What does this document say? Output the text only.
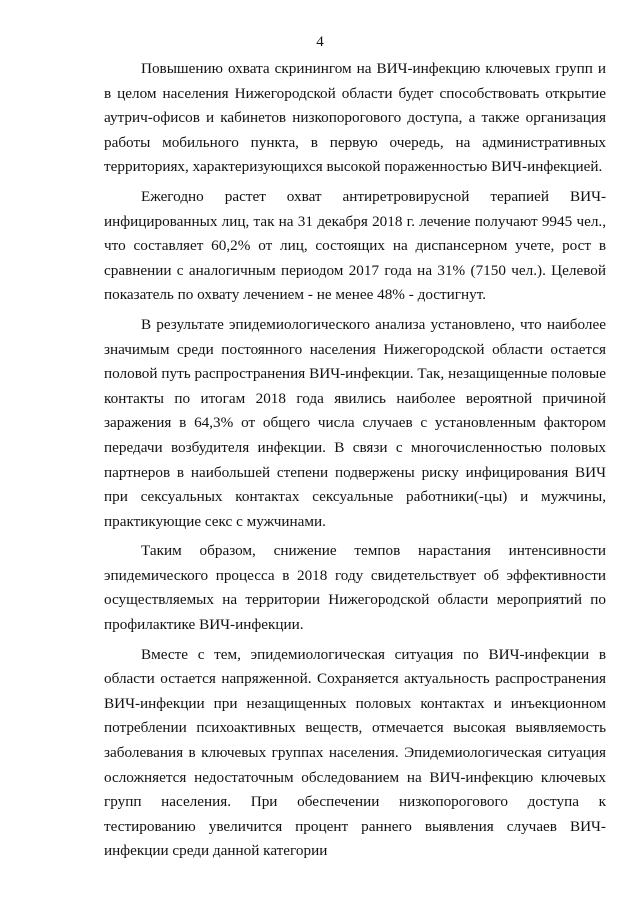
4

Повышению охвата скринингом на ВИЧ-инфекцию ключевых групп и в целом населения Нижегородской области будет способствовать открытие аутрич-офисов и кабинетов низкопорогового доступа, а также организация работы мобильного пункта, в первую очередь, на административных территориях, характеризующихся высокой пораженностью ВИЧ-инфекцией.

Ежегодно растет охват антиретровирусной терапией ВИЧ-инфицированных лиц, так на 31 декабря 2018 г. лечение получают 9945 чел., что составляет 60,2% от лиц, состоящих на диспансерном учете, рост в сравнении с аналогичным периодом 2017 года на 31% (7150 чел.). Целевой показатель по охвату лечением - не менее 48% - достигнут.

В результате эпидемиологического анализа установлено, что наиболее значимым среди постоянного населения Нижегородской области остается половой путь распространения ВИЧ-инфекции. Так, незащищенные половые контакты по итогам 2018 года явились наиболее вероятной причиной заражения в 64,3% от общего числа случаев с установленным фактором передачи возбудителя инфекции. В связи с многочисленностью половых партнеров в наибольшей степени подвержены риску инфицирования ВИЧ при сексуальных контактах сексуальные работники(-цы) и мужчины, практикующие секс с мужчинами.

Таким образом, снижение темпов нарастания интенсивности эпидемического процесса в 2018 году свидетельствует об эффективности осуществляемых на территории Нижегородской области мероприятий по профилактике ВИЧ-инфекции.

Вместе с тем, эпидемиологическая ситуация по ВИЧ-инфекции в области остается напряженной. Сохраняется актуальность распространения ВИЧ-инфекции при незащищенных половых контактах и инъекционном потреблении психоактивных веществ, отмечается высокая выявляемость заболевания в ключевых группах населения. Эпидемиологическая ситуация осложняется недостаточным обследованием на ВИЧ-инфекцию ключевых групп населения. При обеспечении низкопорогового доступа к тестированию увеличится процент раннего выявления случаев ВИЧ-инфекции среди данной категории
